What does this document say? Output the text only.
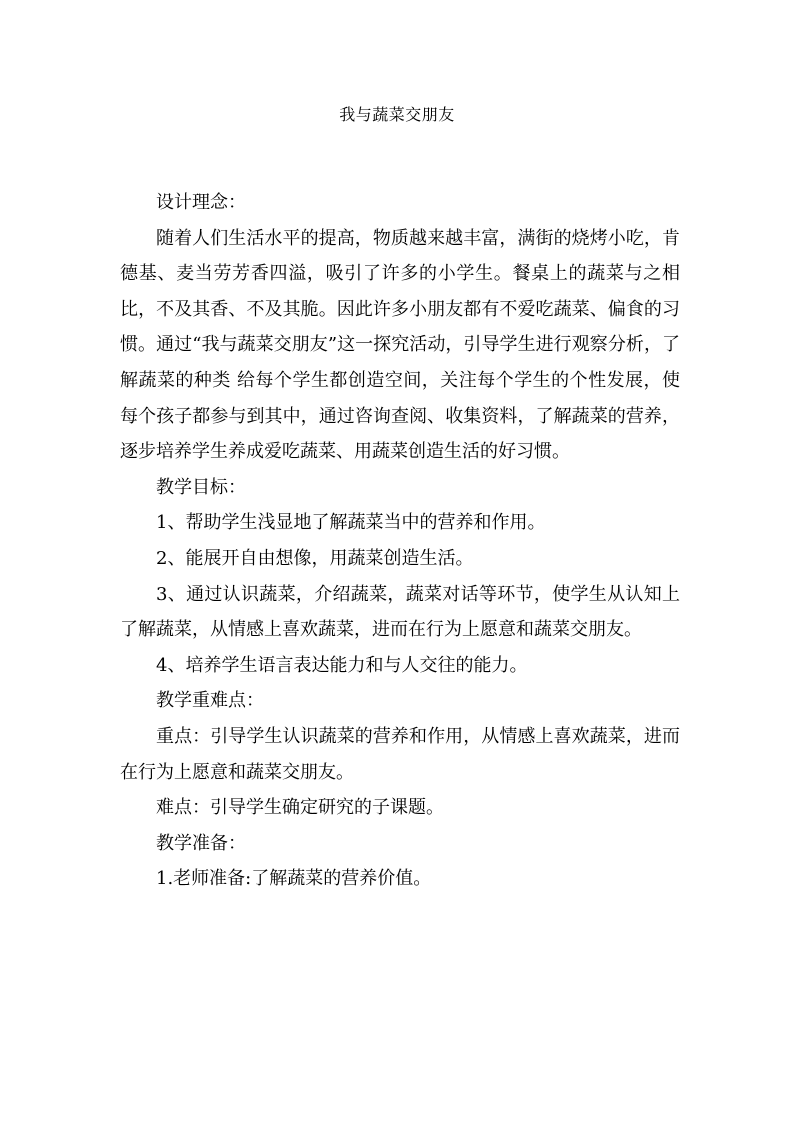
我与蔬菜交朋友

设计理念：

随着人们生活水平的提高，物质越来越丰富，满街的烧烤小吃，肯德基、麦当劳芳香四溢，吸引了许多的小学生。餐桌上的蔬菜与之相比，不及其香、不及其脆。因此许多小朋友都有不爱吃蔬菜、偏食的习惯。通过“我与蔬菜交朋友”这一探究活动，引导学生进行观察分析，了解蔬菜的种类 给每个学生都创造空间，关注每个学生的个性发展，使每个孩子都参与到其中，通过咨询查阅、收集资料，了解蔬菜的营养，逐步培养学生养成爱吃蔬菜、用蔬菜创造生活的好习惯。

教学目标：

1、帮助学生浅显地了解蔬菜当中的营养和作用。

2、能展开自由想像，用蔬菜创造生活。

3、通过认识蔬菜，介绍蔬菜，蔬菜对话等环节，使学生从认知上了解蔬菜，从情感上喜欢蔬菜，进而在行为上愿意和蔬菜交朋友。

4、培养学生语言表达能力和与人交往的能力。

教学重难点：

重点：引导学生认识蔬菜的营养和作用，从情感上喜欢蔬菜，进而在行为上愿意和蔬菜交朋友。

难点：引导学生确定研究的子课题。

教学准备：

1.老师准备:了解蔬菜的营养价值。
